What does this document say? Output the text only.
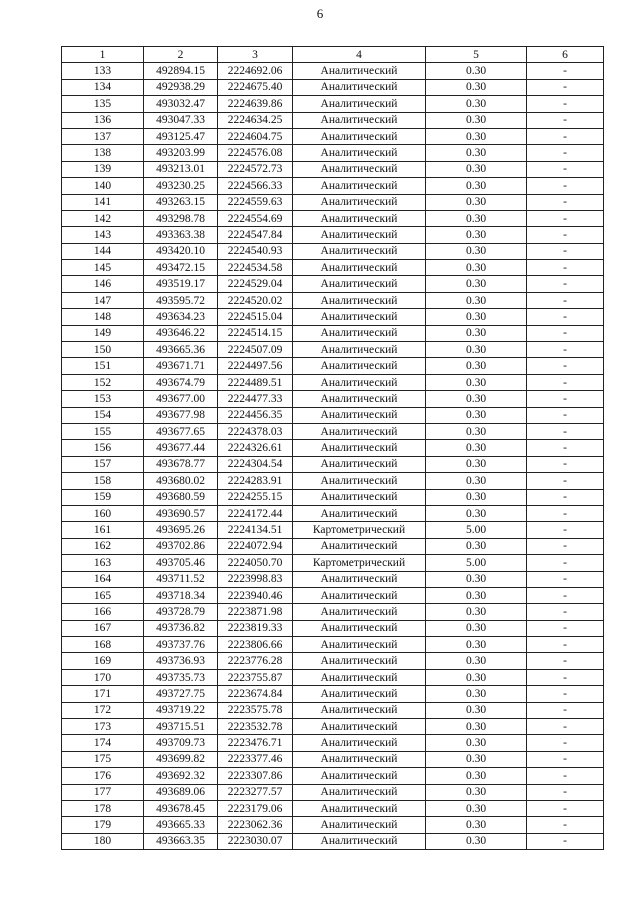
6
1	2	3	4	5	6
133	492894.15	2224692.06	Аналитический	0.30	-
134	492938.29	2224675.40	Аналитический	0.30	-
135	493032.47	2224639.86	Аналитический	0.30	-
136	493047.33	2224634.25	Аналитический	0.30	-
137	493125.47	2224604.75	Аналитический	0.30	-
138	493203.99	2224576.08	Аналитический	0.30	-
139	493213.01	2224572.73	Аналитический	0.30	-
140	493230.25	2224566.33	Аналитический	0.30	-
141	493263.15	2224559.63	Аналитический	0.30	-
142	493298.78	2224554.69	Аналитический	0.30	-
143	493363.38	2224547.84	Аналитический	0.30	-
144	493420.10	2224540.93	Аналитический	0.30	-
145	493472.15	2224534.58	Аналитический	0.30	-
146	493519.17	2224529.04	Аналитический	0.30	-
147	493595.72	2224520.02	Аналитический	0.30	-
148	493634.23	2224515.04	Аналитический	0.30	-
149	493646.22	2224514.15	Аналитический	0.30	-
150	493665.36	2224507.09	Аналитический	0.30	-
151	493671.71	2224497.56	Аналитический	0.30	-
152	493674.79	2224489.51	Аналитический	0.30	-
153	493677.00	2224477.33	Аналитический	0.30	-
154	493677.98	2224456.35	Аналитический	0.30	-
155	493677.65	2224378.03	Аналитический	0.30	-
156	493677.44	2224326.61	Аналитический	0.30	-
157	493678.77	2224304.54	Аналитический	0.30	-
158	493680.02	2224283.91	Аналитический	0.30	-
159	493680.59	2224255.15	Аналитический	0.30	-
160	493690.57	2224172.44	Аналитический	0.30	-
161	493695.26	2224134.51	Картометрический	5.00	-
162	493702.86	2224072.94	Аналитический	0.30	-
163	493705.46	2224050.70	Картометрический	5.00	-
164	493711.52	2223998.83	Аналитический	0.30	-
165	493718.34	2223940.46	Аналитический	0.30	-
166	493728.79	2223871.98	Аналитический	0.30	-
167	493736.82	2223819.33	Аналитический	0.30	-
168	493737.76	2223806.66	Аналитический	0.30	-
169	493736.93	2223776.28	Аналитический	0.30	-
170	493735.73	2223755.87	Аналитический	0.30	-
171	493727.75	2223674.84	Аналитический	0.30	-
172	493719.22	2223575.78	Аналитический	0.30	-
173	493715.51	2223532.78	Аналитический	0.30	-
174	493709.73	2223476.71	Аналитический	0.30	-
175	493699.82	2223377.46	Аналитический	0.30	-
176	493692.32	2223307.86	Аналитический	0.30	-
177	493689.06	2223277.57	Аналитический	0.30	-
178	493678.45	2223179.06	Аналитический	0.30	-
179	493665.33	2223062.36	Аналитический	0.30	-
180	493663.35	2223030.07	Аналитический	0.30	-
